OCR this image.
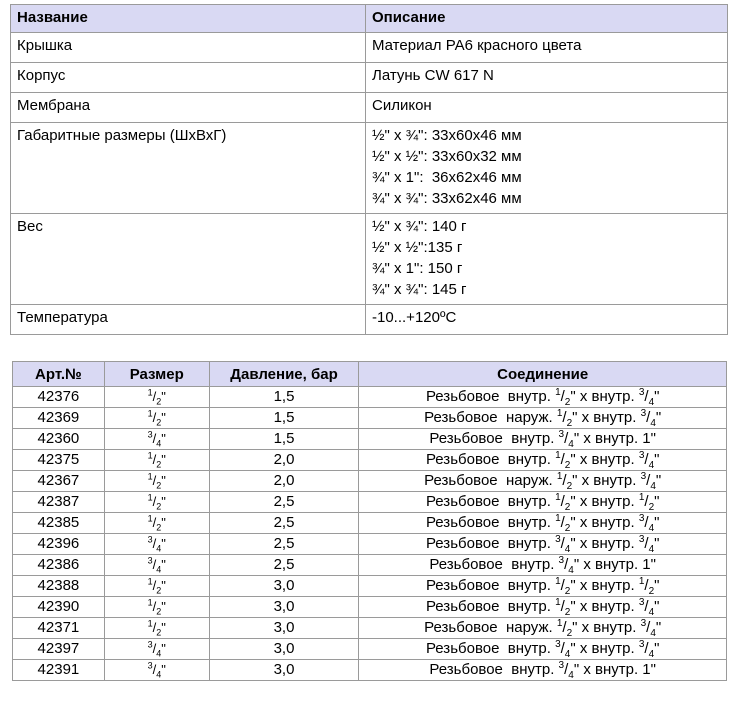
Название	Описание
Крышка	Материал PA6 красного цвета

Корпус	Латунь CW 617 N

Мембрана	Силикон

Габаритные размеры (ШхВхГ)	½" x ¾": 33x60x46 мм
½" x ½": 33x60x32 мм
¾" x 1":  36x62x46 мм
¾" x ¾": 33x62x46 мм

Вес	½" x ¾": 140 г
½" x ½":135 г
¾" x 1": 150 г
¾" x ¾": 145 г

Температура	-10...+120ºC
Арт.№	Размер	Давление, бар	Соединение
42376	$^1/_2$"	1,5	Резьбовое  внутр. $^1/_2$" х внутр. $^3/_4$"
42369	$^1/_2$"	1,5	Резьбовое  наруж. $^1/_2$" х внутр. $^3/_4$"
42360	$^3/_4$"	1,5	Резьбовое  внутр. $^3/_4$" х внутр. 1"
42375	$^1/_2$"	2,0	Резьбовое  внутр. $^1/_2$" х внутр. $^3/_4$"
42367	$^1/_2$"	2,0	Резьбовое  наруж. $^1/_2$" х внутр. $^3/_4$"
42387	$^1/_2$"	2,5	Резьбовое  внутр. $^1/_2$" х внутр. $^1/_2$"
42385	$^1/_2$"	2,5	Резьбовое  внутр. $^1/_2$" х внутр. $^3/_4$"
42396	$^3/_4$"	2,5	Резьбовое  внутр. $^3/_4$" х внутр. $^3/_4$"
42386	$^3/_4$"	2,5	Резьбовое  внутр. $^3/_4$" х внутр. 1"
42388	$^1/_2$"	3,0	Резьбовое  внутр. $^1/_2$" х внутр. $^1/_2$"
42390	$^1/_2$"	3,0	Резьбовое  внутр. $^1/_2$" х внутр. $^3/_4$"
42371	$^1/_2$"	3,0	Резьбовое  наруж. $^1/_2$" х внутр. $^3/_4$"
42397	$^3/_4$"	3,0	Резьбовое  внутр. $^3/_4$" х внутр. $^3/_4$"
42391	$^3/_4$"	3,0	Резьбовое  внутр. $^3/_4$" х внутр. 1"
